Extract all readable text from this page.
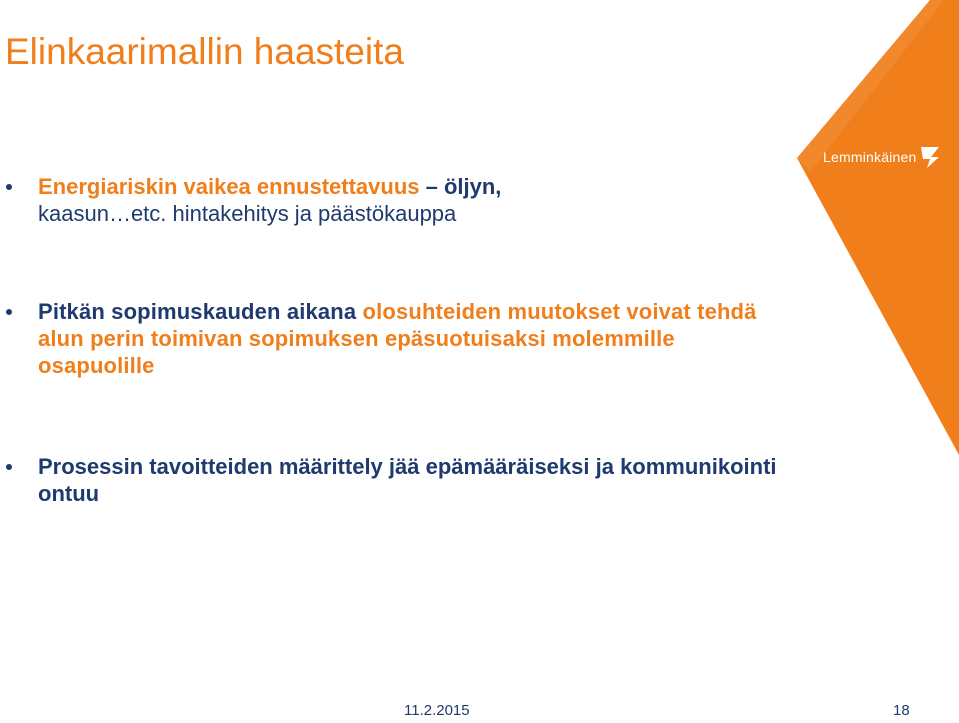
Elinkaarimallin haasteita
Energiariskin vaikea ennustettavuus – öljyn,
kaasun…etc. hintakehitys ja päästökauppa
Pitkän sopimuskauden aikana olosuhteiden muutokset voivat tehdä alun perin toimivan sopimuksen epäsuotuisaksi molemmille osapuolille
Prosessin tavoitteiden määrittely jää epämääräiseksi ja kommunikointi ontuu
Lemminkäinen
11.2.2015	18
